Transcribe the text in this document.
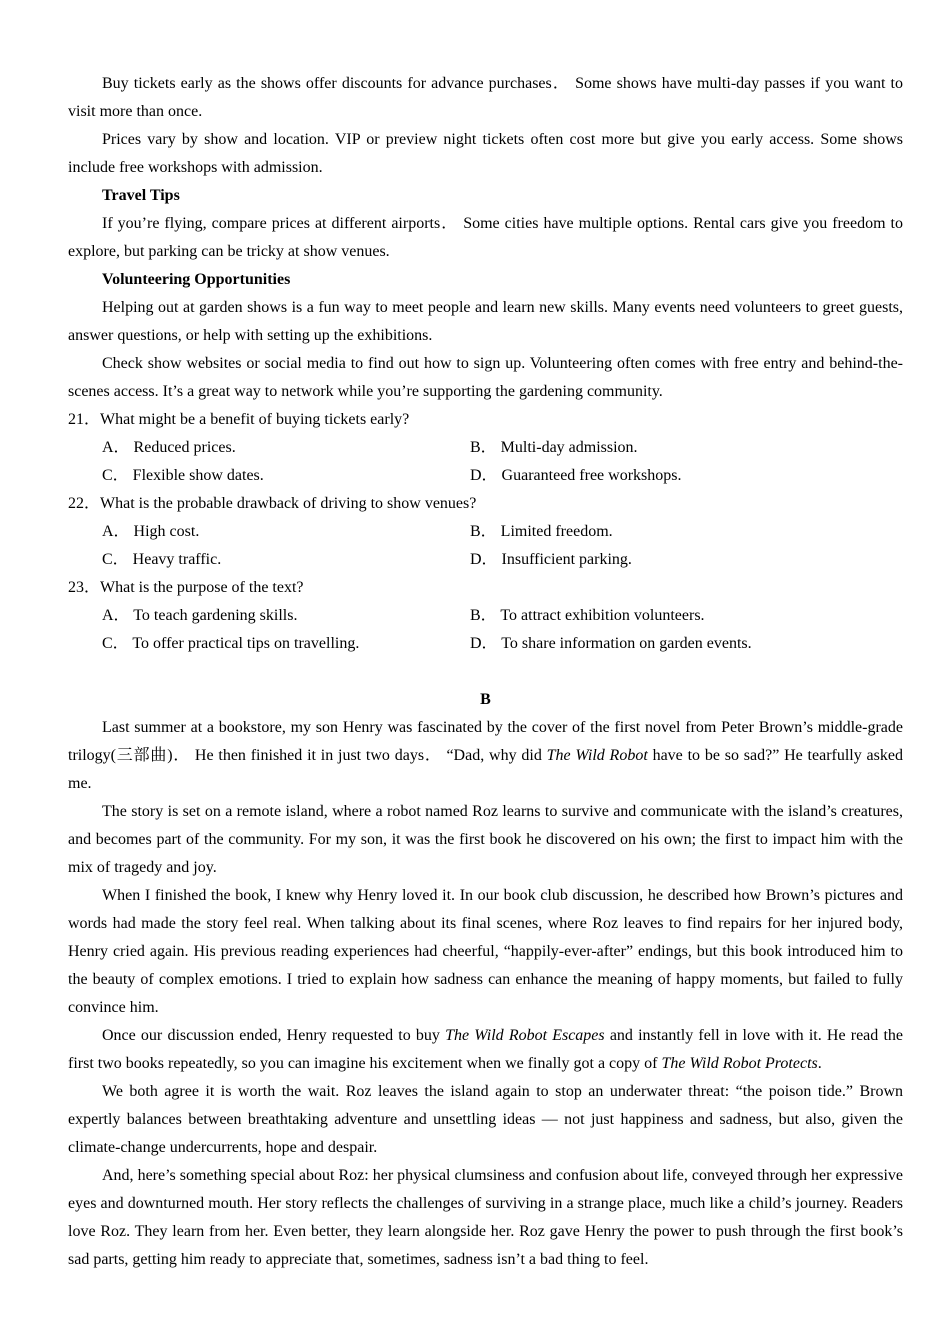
Buy tickets early as the shows offer discounts for advance purchases． Some shows have multi-day passes if you want to visit more than once.

Prices vary by show and location. VIP or preview night tickets often cost more but give you early access. Some shows include free workshops with admission.

Travel Tips

If you’re flying, compare prices at different airports． Some cities have multiple options. Rental cars give you freedom to explore, but parking can be tricky at show venues.

Volunteering Opportunities

Helping out at garden shows is a fun way to meet people and learn new skills. Many events need volunteers to greet guests, answer questions, or help with setting up the exhibitions.

Check show websites or social media to find out how to sign up. Volunteering often comes with free entry and behind-the-scenes access. It’s a great way to network while you’re supporting the gardening community.

21．What might be a benefit of buying tickets early?
A． Reduced prices.	B． Multi-day admission.
C． Flexible show dates.	D． Guaranteed free workshops.
22．What is the probable drawback of driving to show venues?
A． High cost.	B． Limited freedom.
C． Heavy traffic.	D． Insufficient parking.
23．What is the purpose of the text?
A． To teach gardening skills.	B． To attract exhibition volunteers.
C． To offer practical tips on travelling.	D． To share information on garden events.
B

Last summer at a bookstore, my son Henry was fascinated by the cover of the first novel from Peter Brown’s middle-grade trilogy(三部曲)． He then finished it in just two days． “Dad, why did The Wild Robot have to be so sad?” He tearfully asked me.

The story is set on a remote island, where a robot named Roz learns to survive and communicate with the island’s creatures, and becomes part of the community. For my son, it was the first book he discovered on his own; the first to impact him with the mix of tragedy and joy.

When I finished the book, I knew why Henry loved it. In our book club discussion, he described how Brown’s pictures and words had made the story feel real. When talking about its final scenes, where Roz leaves to find repairs for her injured body, Henry cried again. His previous reading experiences had cheerful, “happily-ever-after” endings, but this book introduced him to the beauty of complex emotions. I tried to explain how sadness can enhance the meaning of happy moments, but failed to fully convince him.

Once our discussion ended, Henry requested to buy The Wild Robot Escapes and instantly fell in love with it. He read the first two books repeatedly, so you can imagine his excitement when we finally got a copy of The Wild Robot Protects.

We both agree it is worth the wait. Roz leaves the island again to stop an underwater threat: “the poison tide.” Brown expertly balances between breathtaking adventure and unsettling ideas — not just happiness and sadness, but also, given the climate-change undercurrents, hope and despair.

And, here’s something special about Roz: her physical clumsiness and confusion about life, conveyed through her expressive eyes and downturned mouth. Her story reflects the challenges of surviving in a strange place, much like a child’s journey. Readers love Roz. They learn from her. Even better, they learn alongside her. Roz gave Henry the power to push through the first book’s sad parts, getting him ready to appreciate that, sometimes, sadness isn’t a bad thing to feel.
